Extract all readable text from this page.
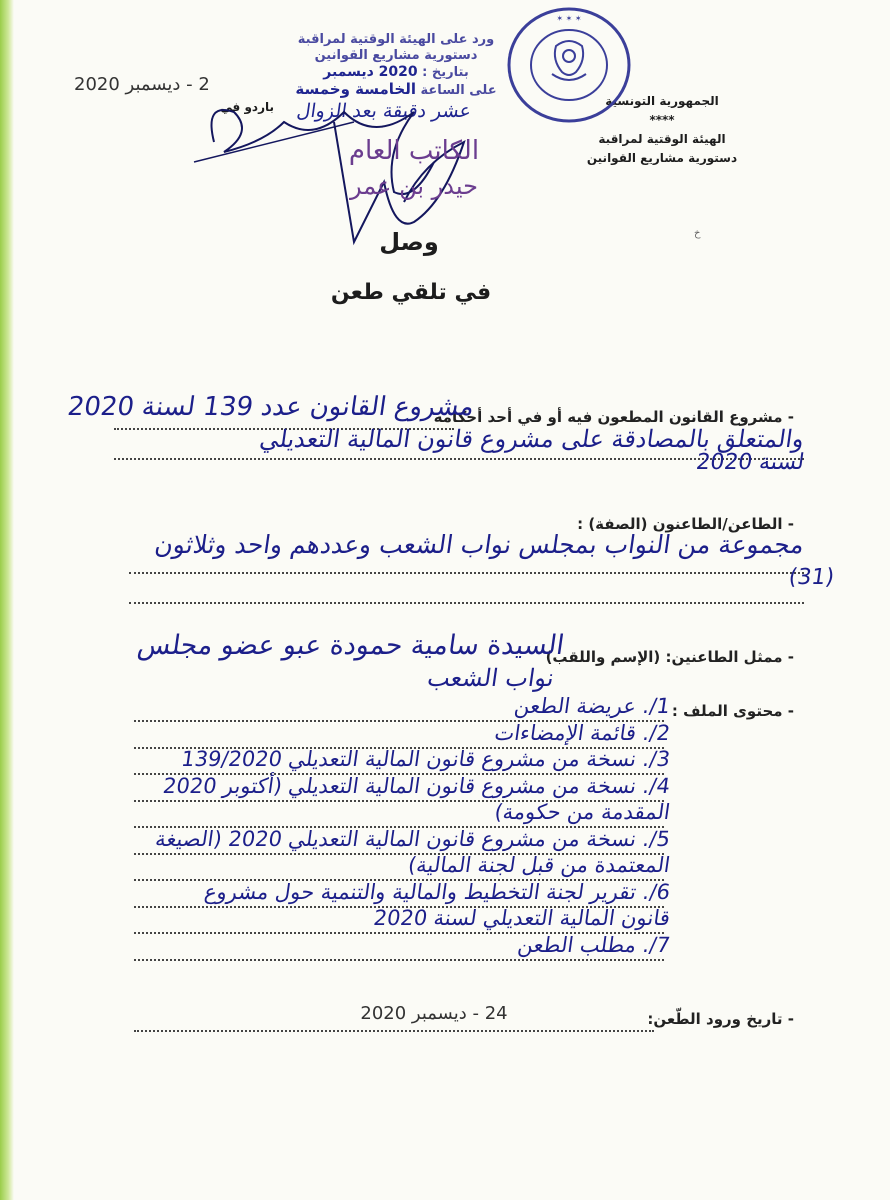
الجمهورية التونسية
****
الهيئة الوقتية لمراقبة
دستورية مشاريع القوانين
✶ ✶ ✶
ورد على الهيئة الوقتية لمراقبة
دستورية مشاريع القوانين
بتاريخ : 2020 ديسمبر
على الساعة الخامسة وخمسة
عشر دقيقة بعد الزوال
باردو في
2 - ديسمبر 2020
الكاتب العام
حيدر بن عمر
خ
وصل
في تلقي طعن
- مشروع القانون المطعون فيه أو في أحد أحكامه
مشروع القانون عدد 139 لسنة 2020
والمتعلق بالمصادقة على مشروع قانون المالية التعديلي
لسنة 2020
- الطاعن/الطاعنون (الصفة) :
مجموعة من النواب بمجلس نواب الشعب وعددهم واحد وثلاثون
(31)
- ممثل الطاعنين: (الإسم واللقب)
السيدة سامية حمودة عبو عضو مجلس
نواب الشعب
- محتوى الملف :
1/. عريضة الطعن
2/. قائمة الإمضاءات
3/. نسخة من مشروع قانون المالية التعديلي 139/2020
4/. نسخة من مشروع قانون المالية التعديلي (أكتوبر 2020
المقدمة من حكومة)
5/. نسخة من مشروع قانون المالية التعديلي 2020 (الصيغة
المعتمدة من قبل لجنة المالية)
6/. تقرير لجنة التخطيط والمالية والتنمية حول مشروع
قانون المالية التعديلي لسنة 2020
7/. مطلب الطعن
- تاريخ ورود الطّعن:
24 - ديسمبر 2020
